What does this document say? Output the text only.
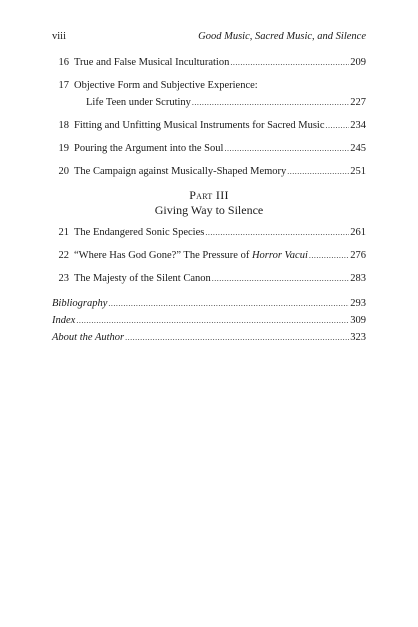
viii	Good Music, Sacred Music, and Silence
16 True and False Musical Inculturation .....	209
17 Objective Form and Subjective Experience:
Life Teen under Scrutiny .....	227
18 Fitting and Unfitting Musical Instruments for Sacred Music ..... 234
19 Pouring the Argument into the Soul .....	245
20 The Campaign against Musically-Shaped Memory .....	251
Part III
Giving Way to Silence
21 The Endangered Sonic Species .....	261
22 “Where Has God Gone?” The Pressure of Horror Vacui .....	276
23 The Majesty of the Silent Canon .....	283
Bibliography .....	293
Index .....	309
About the Author .....	323
